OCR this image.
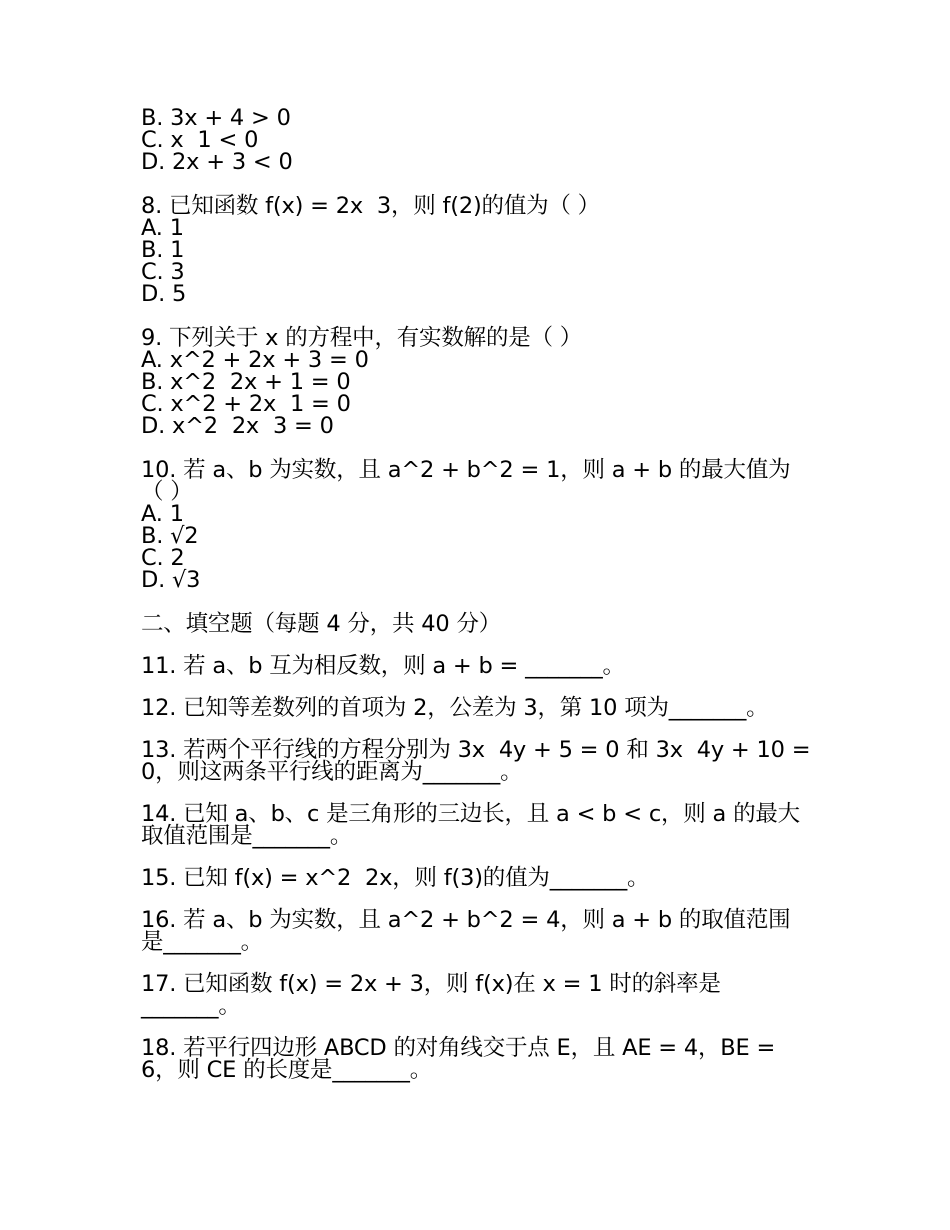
B. 3x + 4 > 0
C. x  1 < 0
D. 2x + 3 < 0
8. 已知函数 f(x) = 2x  3，则 f(2)的值为（ ）
A. 1
B. 1
C. 3
D. 5
9. 下列关于 x 的方程中，有实数解的是（ ）
A. x^2 + 2x + 3 = 0
B. x^2  2x + 1 = 0
C. x^2 + 2x  1 = 0
D. x^2  2x  3 = 0
10. 若 a、b 为实数，且 a^2 + b^2 = 1，则 a + b 的最大值为（ ）
A. 1
B. √2
C. 2
D. √3
二、填空题（每题 4 分，共 40 分）
11. 若 a、b 互为相反数，则 a + b = _______。
12. 已知等差数列的首项为 2，公差为 3，第 10 项为_______。
13. 若两个平行线的方程分别为 3x  4y + 5 = 0 和 3x  4y + 10 = 0，则这两条平行线的距离为_______。
14. 已知 a、b、c 是三角形的三边长，且 a < b < c，则 a 的最大取值范围是_______。
15. 已知 f(x) = x^2  2x，则 f(3)的值为_______。
16. 若 a、b 为实数，且 a^2 + b^2 = 4，则 a + b 的取值范围是_______。
17. 已知函数 f(x) = 2x + 3，则 f(x)在 x = 1 时的斜率是_______。
18. 若平行四边形 ABCD 的对角线交于点 E，且 AE = 4，BE = 6，则 CE 的长度是_______。
